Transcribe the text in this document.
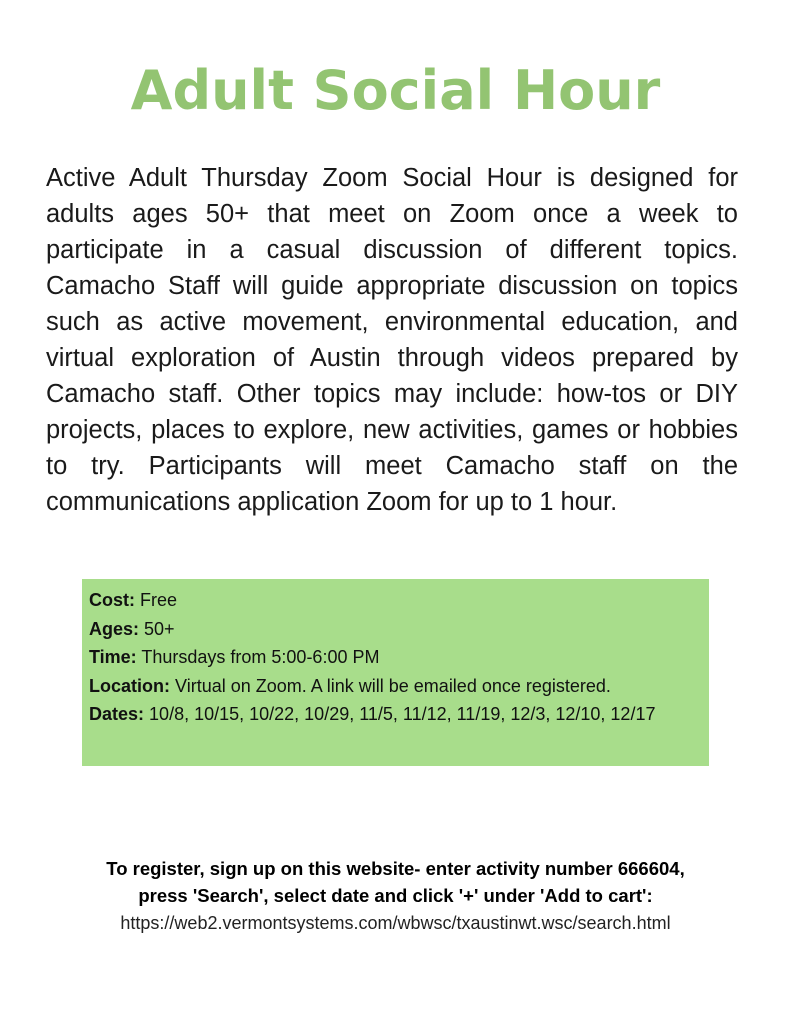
Adult Social Hour

Active Adult Thursday Zoom Social Hour is designed for adults ages 50+ that meet on Zoom once a week to participate in a casual discussion of different topics. Camacho Staff will guide appropriate discussion on topics such as active movement, environmental education, and virtual exploration of Austin through videos prepared by Camacho staff. Other topics may include: how-tos or DIY projects, places to explore, new activities, games or hobbies to try. Participants will meet Camacho staff on the communications application Zoom for up to 1 hour.

Cost: Free
Ages: 50+
Time: Thursdays from 5:00-6:00 PM
Location: Virtual on Zoom. A link will be emailed once registered.
Dates: 10/8, 10/15, 10/22, 10/29, 11/5, 11/12, 11/19, 12/3, 12/10, 12/17
To register, sign up on this website- enter activity number 666604,
press 'Search', select date and click '+' under 'Add to cart':
https://web2.vermontsystems.com/wbwsc/txaustinwt.wsc/search.html
